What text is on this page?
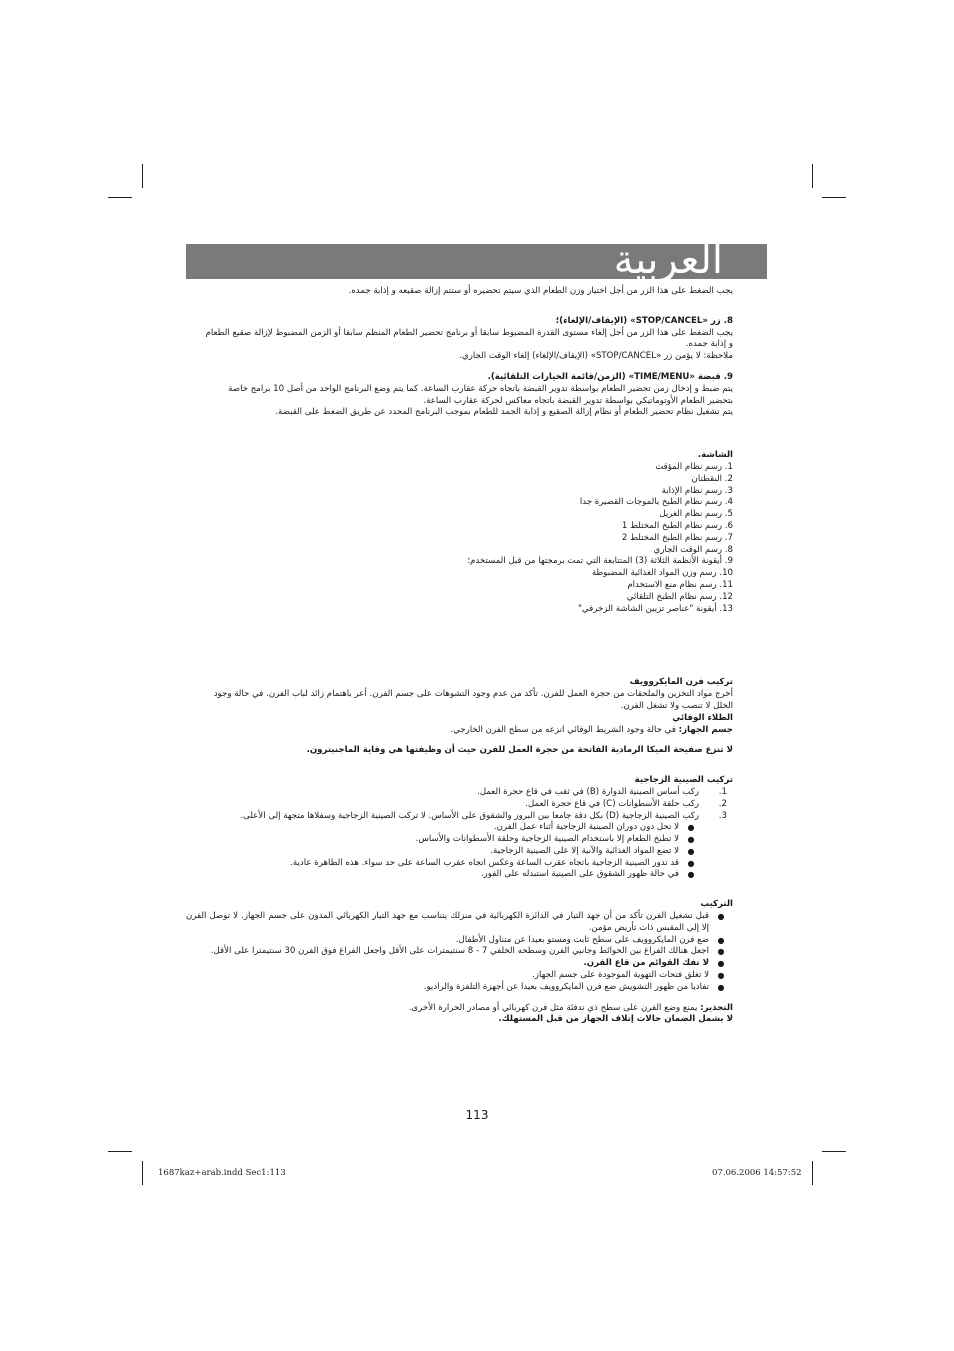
العربية

يجب الضغط على هذا الزر من أجل اختيار وزن الطعام الذي سيتم تحضيره أو ستتم إزالة صقيعه و إذابة جمده.

8. زر «STOP/CANCEL» (الإيقاف/الإلغاء)؛

يجب الضغط على هذا الزر من أجل إلغاء مستوى القدرة المضبوط سابقا أو برنامج تحضير الطعام المنظم سابقا أو الزمن المضبوط لإزالة صقيع الطعام

و إذابة جمده.

ملاحظة: لا يؤمن زر «STOP/CANCEL» (الإيقاف/الإلغاء) إلغاء الوقت الجاري.

9. قبضة «TIME/MENU» (الزمن/قائمة الخيارات التلقائية).

يتم ضبط و إدخال زمن تحضير الطعام بواسطة تدوير القبضة باتجاه حركة عقارب الساعة. كما يتم وضع البرنامج الواحد من أصل 10 برامج خاصة

بتحضير الطعام الأوتوماتيكي بواسطة تدوير القبضة باتجاه معاكس لحركة عقارب الساعة.

يتم تشغيل نظام تحضير الطعام أو نظام إزالة الصقيع و إذابة الجمد للطعام بموجب البرنامج المحدد عن طريق الضغط على القبضة.

الشاشة.

1. رسم نظام المؤقت
2. النقطتان
3. رسم نظام الإذابة
4. رسم نظام الطبخ بالموجات القصيرة جدا
5. رسم نظام الغريل
6. رسم نظام الطبخ المختلط 1
7. رسم نظام الطبخ المختلط 2
8. رسم الوقت الجاري
9. أيقونة الأنظمة الثلاثة (3) المتتابعة التي تمت برمجتها من قبل المستخدم؛
10. رسم وزن المواد الغذائية المضبوطة
11. رسم نظام منع الاستخدام
12. رسم نظام الطبخ التلقائي
13. أيقونة "عناصر تزيين الشاشة الزخرفي"

تركيب فرن المايكروويف

أخرج مواد التخزين والملحقات من حجرة العمل للفرن. تأكد من عدم وجود التشوهات على جسم الفرن. أعر باهتمام زائد لباب الفرن. في حالة وجود

الخلل لا تنصب ولا تشغل الفرن.

الطلاء الوقائي

جسم الجهاز: في حالة وجود الشريط الوقائي انزعه من سطح الفرن الخارجي.

لا تنزع صفيحة الميكا الرمادية الفاتحة من حجرة العمل للفرن حيث أن وظيفتها هي وقاية الماجنيترون.

تركيب الصينية الزجاجية

1.
ركب أساس الصينية الدوارة (B) في ثقب في قاع حجرة العمل.
2.
ركب حلقة الأسطوانات (C) في قاع حجرة العمل.
3.
ركب الصينية الزجاجية (D) بكل دقة جامعا بين البروز والشقوق على الأساس. لا تركب الصينية الزجاجية وسفلاها متجهة إلى الأعلى.
●
لا تحل دون دوران الصينية الزجاجية أثناء عمل الفرن.
●
لا تطبخ الطعام إلا باستخدام الصينية الزجاجية وحلقة الأسطوانات والأساس.
●
لا تضع المواد الغذائية والآنية إلا على الصينية الزجاجية.
●
قد تدور الصينية الزجاجية باتجاه عقرب الساعة وعكس اتجاه عقرب الساعة على حد سواء. هذه الظاهرة عادية.
●
في حالة ظهور الشقوق على الصينية استبدله على الفور.

التركيب

●
قبل تشغيل الفرن تأكد من أن جهد التيار في الدائرة الكهربائية في منزلك يتناسب مع جهد التيار الكهربائي المدون على جسم الجهاز. لا توصل الفرن إلا إلى المقبس ذات تأريض مؤمن.
●
ضع فرن المايكروويف على سطح ثابت ومستو بعيدا عن متناول الأطفال.
●
اجعل هنالك الفراغ بين الحوائط وجانبي الفرن وسطحه الخلفي 7 - 8 سنتيمترات على الأقل واجعل الفراغ فوق الفرن 30 سنتيمترا على الأقل.
●
لا تفك القوائم من قاع الفرن.
●
لا تغلق فتحات التهوية الموجودة على جسم الجهاز.
●
تفاديا من ظهور التشويش ضع فرن المايكروويف بعيدا عن أجهزة التلفزة والراديو.

التحذير: يمنع وضع الفرن على سطح ذي تدفئة مثل فرن كهربائي أو مصادر الحرارة الأخرى.

لا يشمل الضمان حالات إتلاف الجهاز من قبل المستهلك.

113
1687kaz+arab.indd Sec1:113	07.06.2006 14:57:52
